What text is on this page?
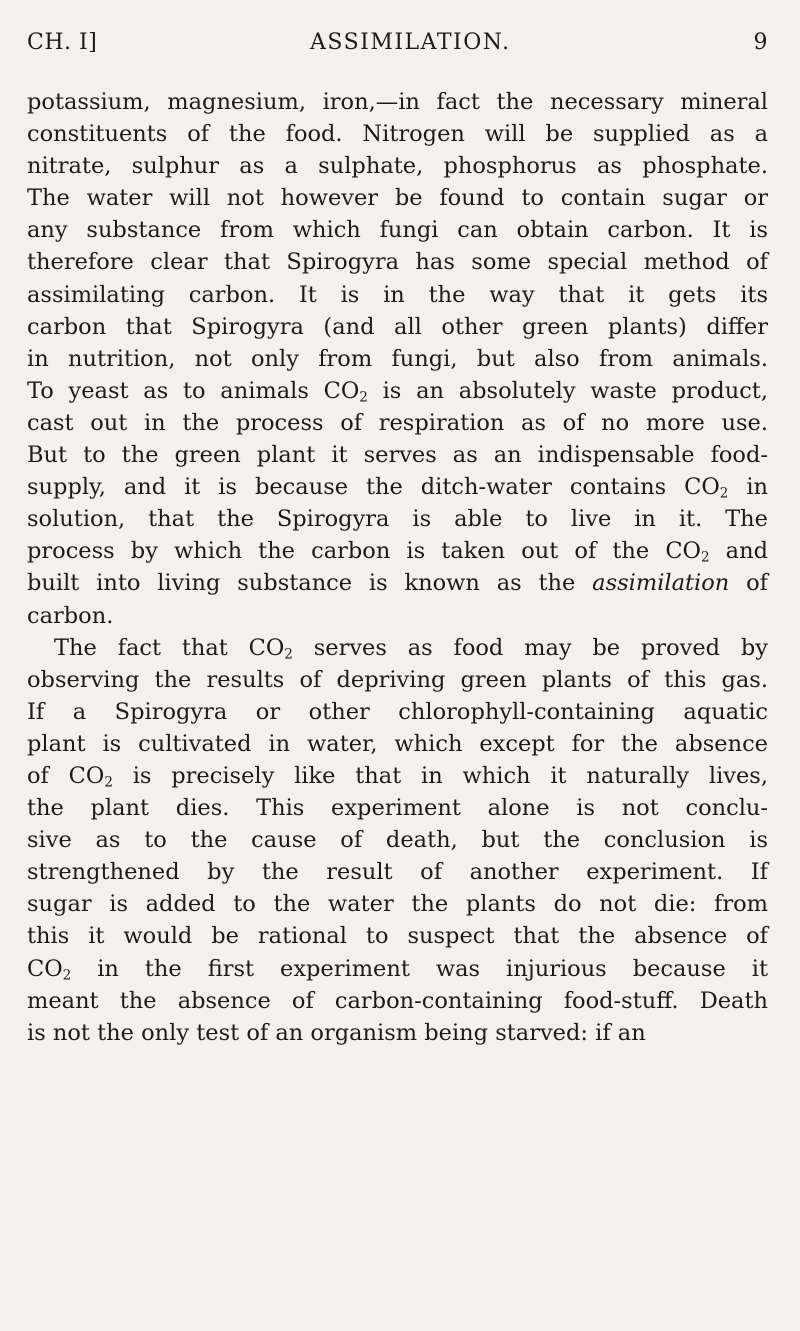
CH. I]	ASSIMILATION.	9
potassium, magnesium, iron,—in fact the necessary mineral
constituents of the food. Nitrogen will be supplied as a
nitrate, sulphur as a sulphate, phosphorus as phosphate.
The water will not however be found to contain sugar or
any substance from which fungi can obtain carbon. It is
therefore clear that Spirogyra has some special method of
assimilating carbon. It is in the way that it gets its
carbon that Spirogyra (and all other green plants) differ
in nutrition, not only from fungi, but also from animals.
To yeast as to animals $CO_2$ is an absolutely waste product,
cast out in the process of respiration as of no more use.
But to the green plant it serves as an indispensable food-
supply, and it is because the ditch-water contains $CO_2$ in
solution, that the Spirogyra is able to live in it. The
process by which the carbon is taken out of the $CO_2$ and
built into living substance is known as the assimilation of
carbon.
The fact that $CO_2$ serves as food may be proved by
observing the results of depriving green plants of this gas.
If a Spirogyra or other chlorophyll-containing aquatic
plant is cultivated in water, which except for the absence
of $CO_2$ is precisely like that in which it naturally lives,
the plant dies. This experiment alone is not conclu-
sive as to the cause of death, but the conclusion is
strengthened by the result of another experiment. If
sugar is added to the water the plants do not die: from
this it would be rational to suspect that the absence of
$CO_2$ in the first experiment was injurious because it
meant the absence of carbon-containing food-stuff. Death
is not the only test of an organism being starved: if an
